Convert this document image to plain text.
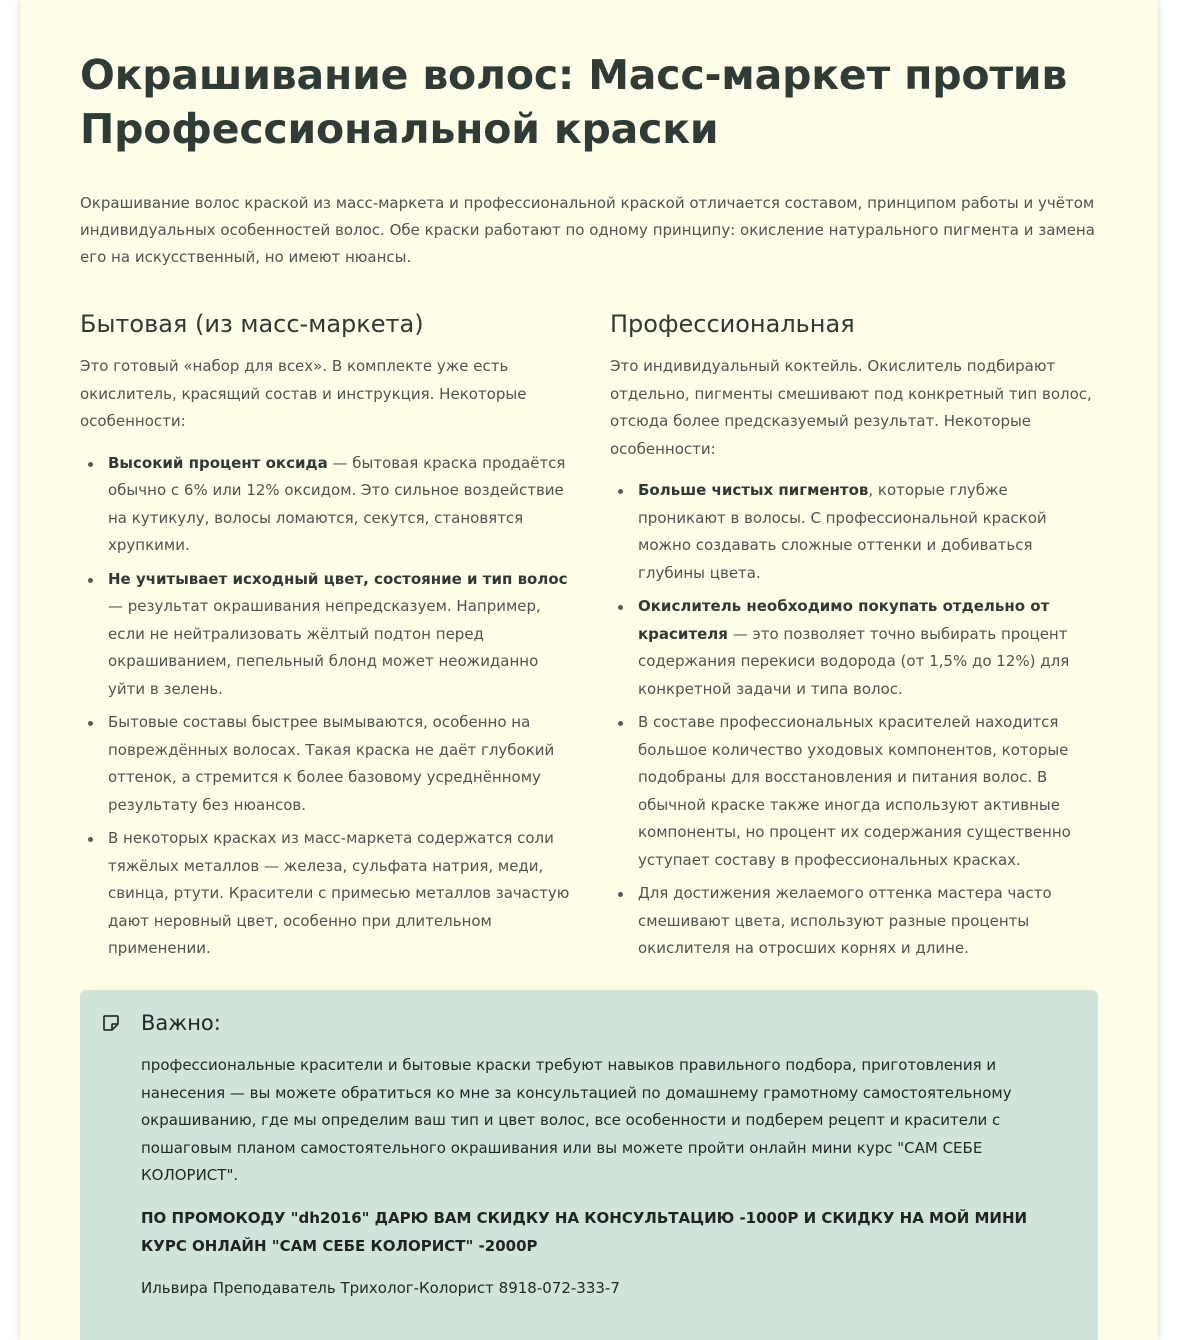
Окрашивание волос: Масс-маркет против Профессиональной краски

Окрашивание волос краской из масс-маркета и профессиональной краской отличается составом, принципом работы и учётом индивидуальных особенностей волос. Обе краски работают по одному принципу: окисление натурального пигмента и замена его на искусственный, но имеют нюансы.

Бытовая (из масс-маркета)

Это готовый «набор для всех». В комплекте уже есть окислитель, красящий состав и инструкция. Некоторые особенности:

Высокий процент оксида — бытовая краска продаётся обычно с 6% или 12% оксидом. Это сильное воздействие на кутикулу, волосы ломаются, секутся, становятся хрупкими.
Не учитывает исходный цвет, состояние и тип волос — результат окрашивания непредсказуем. Например, если не нейтрализовать жёлтый подтон перед окрашиванием, пепельный блонд может неожиданно уйти в зелень.
Бытовые составы быстрее вымываются, особенно на повреждённых волосах. Такая краска не даёт глубокий оттенок, а стремится к более базовому усреднённому результату без нюансов.
В некоторых красках из масс-маркета содержатся соли тяжёлых металлов — железа, сульфата натрия, меди, свинца, ртути. Красители с примесью металлов зачастую дают неровный цвет, особенно при длительном применении.
Профессиональная

Это индивидуальный коктейль. Окислитель подбирают отдельно, пигменты смешивают под конкретный тип волос, отсюда более предсказуемый результат. Некоторые особенности:

Больше чистых пигментов, которые глубже проникают в волосы. С профессиональной краской можно создавать сложные оттенки и добиваться глубины цвета.
Окислитель необходимо покупать отдельно от красителя — это позволяет точно выбирать процент содержания перекиси водорода (от 1,5% до 12%) для конкретной задачи и типа волос.
В составе профессиональных красителей находится большое количество уходовых компонентов, которые подобраны для восстановления и питания волос. В обычной краске также иногда используют активные компоненты, но процент их содержания существенно уступает составу в профессиональных красках.
Для достижения желаемого оттенка мастера часто смешивают цвета, используют разные проценты окислителя на отросших корнях и длине.

Важно:

профессиональные красители и бытовые краски требуют навыков правильного подбора, приготовления и нанесения — вы можете обратиться ко мне за консультацией по домашнему грамотному самостоятельному окрашиванию, где мы определим ваш тип и цвет волос, все особенности и подберем рецепт и красители с пошаговым планом самостоятельного окрашивания или вы можете пройти онлайн мини курс "САМ СЕБЕ КОЛОРИСТ".

ПО ПРОМОКОДУ "dh2016" ДАРЮ ВАМ СКИДКУ НА КОНСУЛЬТАЦИЮ -1000Р И СКИДКУ НА МОЙ МИНИ КУРС ОНЛАЙН "САМ СЕБЕ КОЛОРИСТ" -2000Р

Ильвира Преподаватель Трихолог-Колорист 8918-072-333-7
